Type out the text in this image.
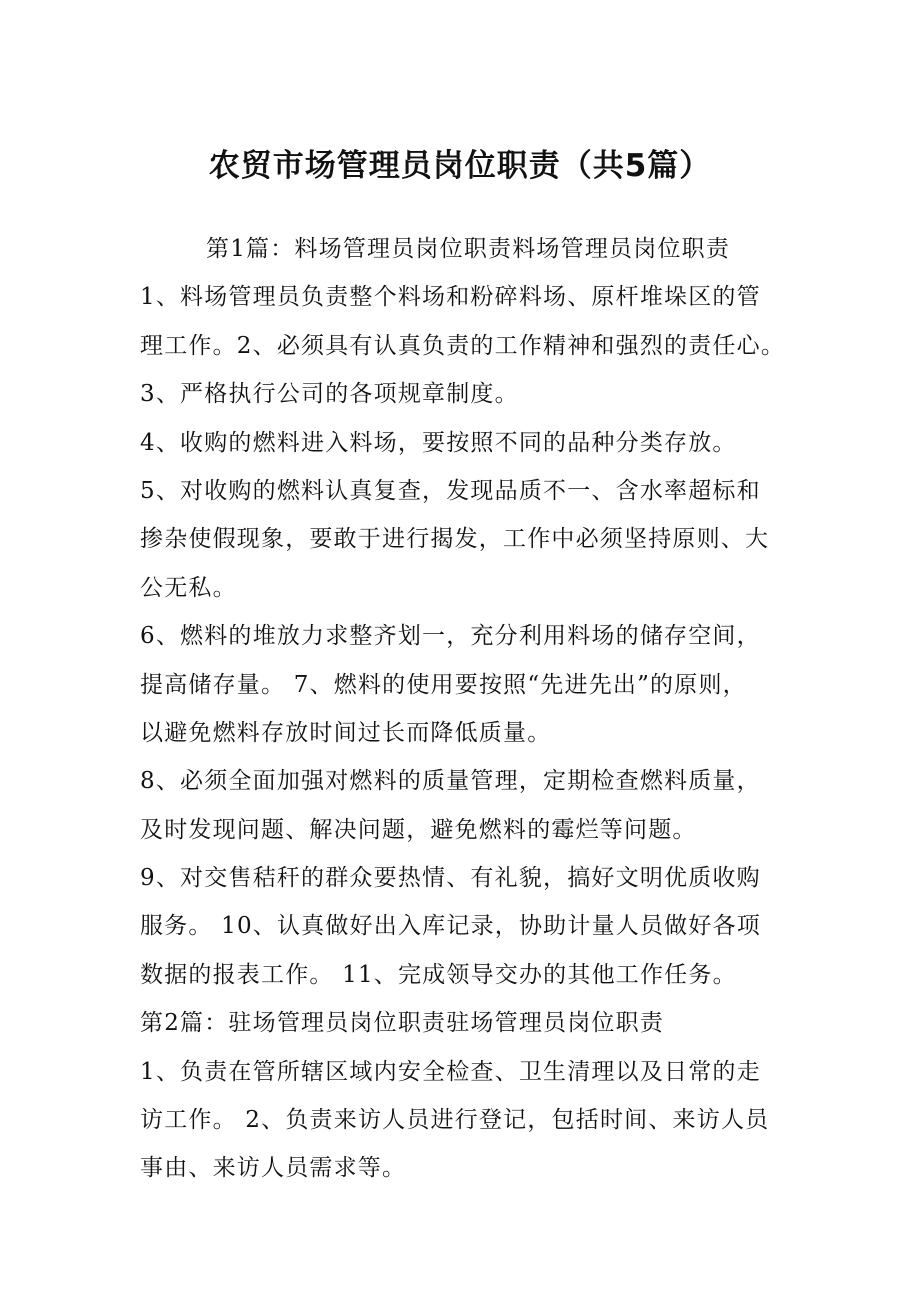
农贸市场管理员岗位职责（共5篇）
第1篇：料场管理员岗位职责料场管理员岗位职责
1、料场管理员负责整个料场和粉碎料场、原杆堆垛区的管
理工作。2、必须具有认真负责的工作精神和强烈的责任心。
3、严格执行公司的各项规章制度。
4、收购的燃料进入料场，要按照不同的品种分类存放。
5、对收购的燃料认真复查，发现品质不一、含水率超标和
掺杂使假现象，要敢于进行揭发，工作中必须坚持原则、大
公无私。
6、燃料的堆放力求整齐划一，充分利用料场的储存空间，
提高储存量。 7、燃料的使用要按照“先进先出”的原则，
以避免燃料存放时间过长而降低质量。
8、必须全面加强对燃料的质量管理，定期检查燃料质量，
及时发现问题、解决问题，避免燃料的霉烂等问题。
9、对交售秸秆的群众要热情、有礼貌，搞好文明优质收购
服务。 10、认真做好出入库记录，协助计量人员做好各项
数据的报表工作。 11、完成领导交办的其他工作任务。
第2篇：驻场管理员岗位职责驻场管理员岗位职责
1、负责在管所辖区域内安全检查、卫生清理以及日常的走
访工作。 2、负责来访人员进行登记，包括时间、来访人员
事由、来访人员需求等。
